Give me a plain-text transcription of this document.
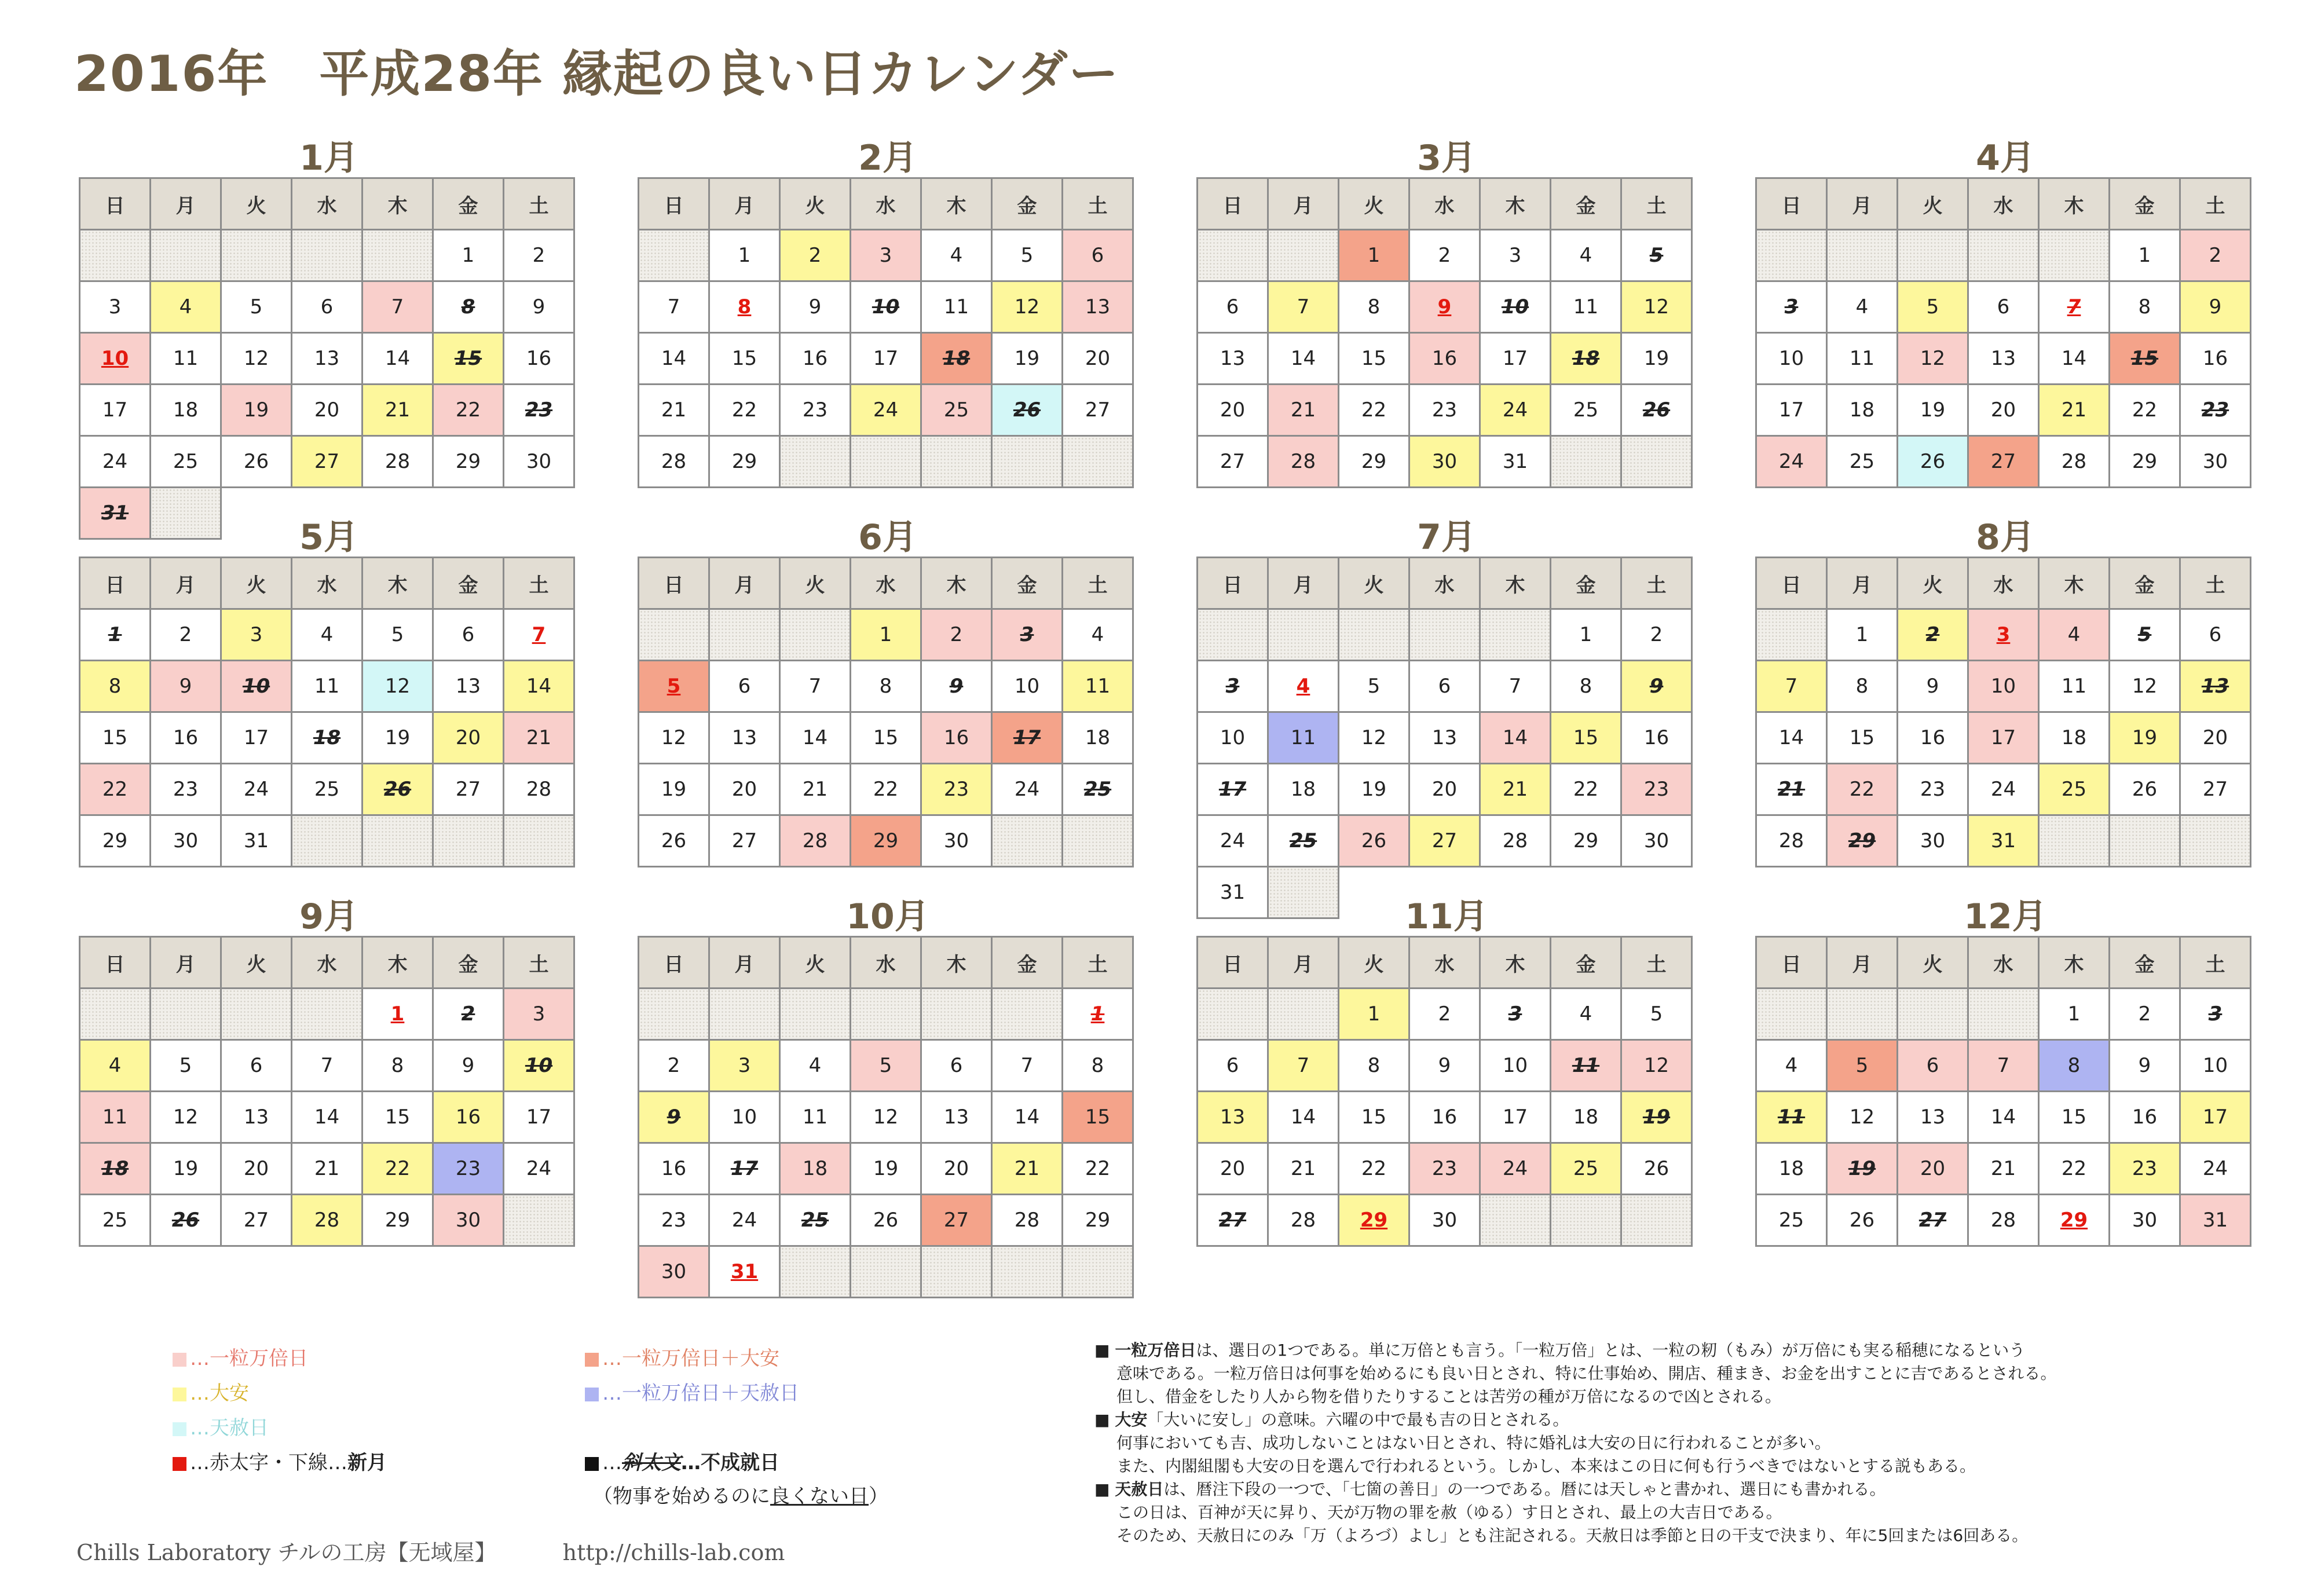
2016年　平成28年 縁起の良い日カレンダー
1月
日	月	火	水	木	金	土
					1	2
3	4	5	6	7	8	9
10	11	12	13	14	15	16
17	18	19	20	21	22	23
24	25	26	27	28	29	30
31						
2月
日	月	火	水	木	金	土
	1	2	3	4	5	6
7	8	9	10	11	12	13
14	15	16	17	18	19	20
21	22	23	24	25	26	27
28	29					
3月
日	月	火	水	木	金	土
		1	2	3	4	5
6	7	8	9	10	11	12
13	14	15	16	17	18	19
20	21	22	23	24	25	26
27	28	29	30	31		
4月
日	月	火	水	木	金	土
					1	2
3	4	5	6	7	8	9
10	11	12	13	14	15	16
17	18	19	20	21	22	23
24	25	26	27	28	29	30
5月
日	月	火	水	木	金	土
1	2	3	4	5	6	7
8	9	10	11	12	13	14
15	16	17	18	19	20	21
22	23	24	25	26	27	28
29	30	31				
6月
日	月	火	水	木	金	土
			1	2	3	4
5	6	7	8	9	10	11
12	13	14	15	16	17	18
19	20	21	22	23	24	25
26	27	28	29	30		
7月
日	月	火	水	木	金	土
					1	2
3	4	5	6	7	8	9
10	11	12	13	14	15	16
17	18	19	20	21	22	23
24	25	26	27	28	29	30
31						
8月
日	月	火	水	木	金	土
	1	2	3	4	5	6
7	8	9	10	11	12	13
14	15	16	17	18	19	20
21	22	23	24	25	26	27
28	29	30	31			
9月
日	月	火	水	木	金	土
				1	2	3
4	5	6	7	8	9	10
11	12	13	14	15	16	17
18	19	20	21	22	23	24
25	26	27	28	29	30	
10月
日	月	火	水	木	金	土
						1
2	3	4	5	6	7	8
9	10	11	12	13	14	15
16	17	18	19	20	21	22
23	24	25	26	27	28	29
30	31					
11月
日	月	火	水	木	金	土
		1	2	3	4	5
6	7	8	9	10	11	12
13	14	15	16	17	18	19
20	21	22	23	24	25	26
27	28	29	30			
12月
日	月	火	水	木	金	土
				1	2	3
4	5	6	7	8	9	10
11	12	13	14	15	16	17
18	19	20	21	22	23	24
25	26	27	28	29	30	31
…一粒万倍日
…大安
…天赦日
…赤太字・下線…新月
…一粒万倍日＋大安
…一粒万倍日＋天赦日
…斜太文…不成就日
（物事を始めるのに良くない日）

■ 一粒万倍日は、選日の1つである。単に万倍とも言う。「一粒万倍」とは、一粒の籾（もみ）が万倍にも実る稲穂になるという

意味である。一粒万倍日は何事を始めるにも良い日とされ、特に仕事始め、開店、種まき、お金を出すことに吉であるとされる。

但し、借金をしたり人から物を借りたりすることは苦労の種が万倍になるので凶とされる。

■ 大安「大いに安し」の意味。六曜の中で最も吉の日とされる。

何事においても吉、成功しないことはない日とされ、特に婚礼は大安の日に行われることが多い。

また、内閣組閣も大安の日を選んで行われるという。しかし、本来はこの日に何も行うべきではないとする説もある。

■ 天赦日は、暦注下段の一つで、「七箇の善日」の一つである。暦には天しゃと書かれ、選日にも書かれる。

この日は、百神が天に昇り、天が万物の罪を赦（ゆる）す日とされ、最上の大吉日である。

そのため、天赦日にのみ「万（よろづ）よし」とも注記される。天赦日は季節と日の干支で決まり、年に5回または6回ある。

Chills Laboratory チルの工房【无域屋】	http://chills-lab.com
